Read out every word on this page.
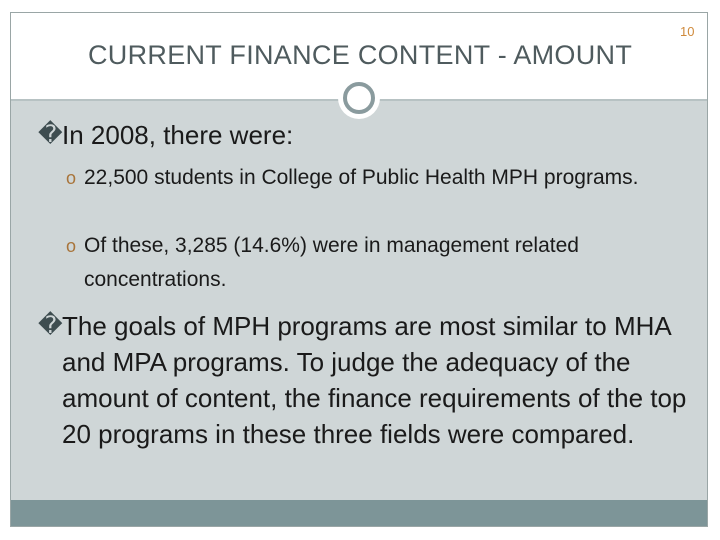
CURRENT FINANCE CONTENT - AMOUNT
10
� In 2008, there were:
o 22,500 students in College of Public Health MPH programs.
o Of these, 3,285 (14.6%) were in management related concentrations.
� The goals of MPH programs are most similar to MHA and MPA programs. To judge the adequacy of the amount of content, the finance requirements of the top 20 programs in these three fields were compared.
